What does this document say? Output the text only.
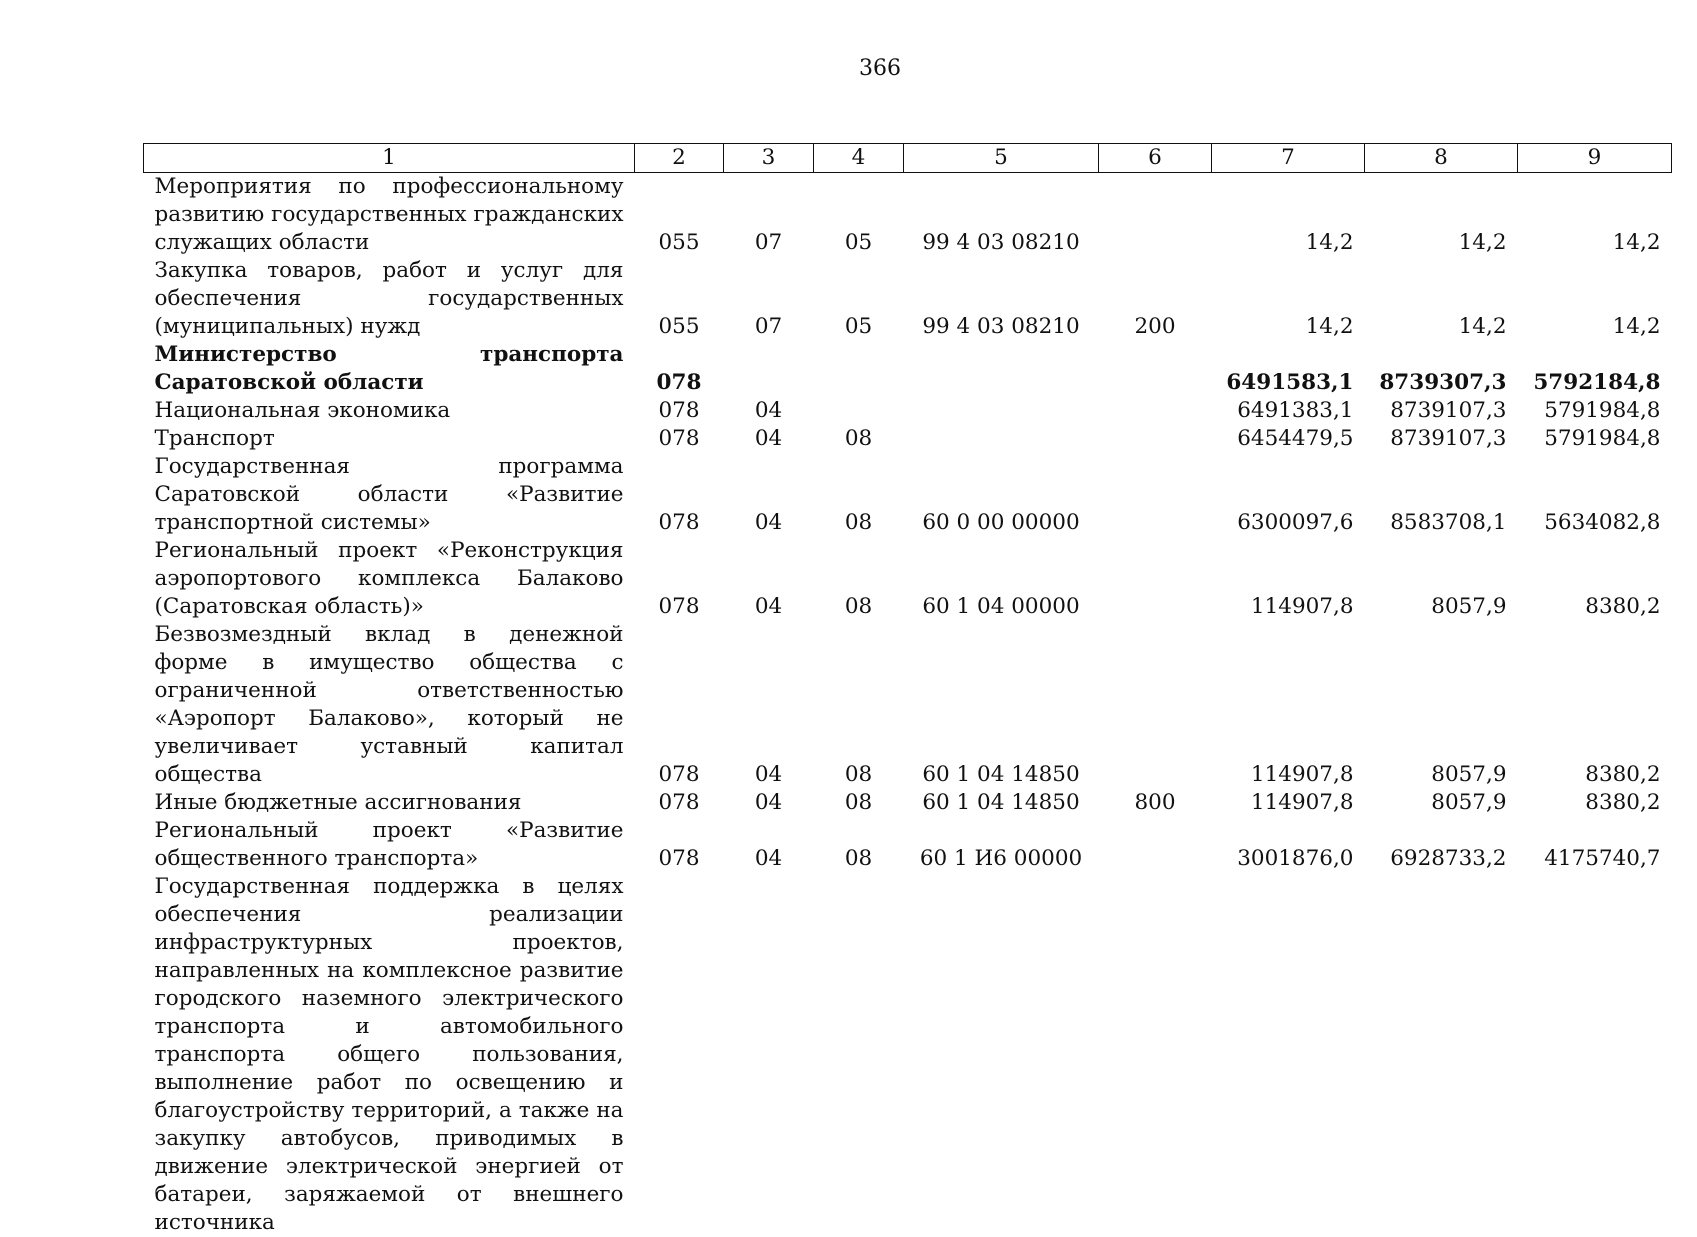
366
1	2	3	4	5	6	7	8	9
Мероприятия по профессиональному развитию государственных гражданских служащих области	055	07	05	99 4 03 08210		14,2	14,2	14,2
Закупка товаров, работ и услуг для обеспечения государственных (муниципальных) нужд	055	07	05	99 4 03 08210	200	14,2	14,2	14,2
Министерство транспорта Саратовской области	078					6491583,1	8739307,3	5792184,8
Национальная экономика	078	04				6491383,1	8739107,3	5791984,8
Транспорт	078	04	08			6454479,5	8739107,3	5791984,8
Государственная программа Саратовской области «Развитие транспортной системы»	078	04	08	60 0 00 00000		6300097,6	8583708,1	5634082,8
Региональный проект «Реконструкция аэропортового комплекса Балаково (Саратовская область)»	078	04	08	60 1 04 00000		114907,8	8057,9	8380,2
Безвозмездный вклад в денежной форме в имущество общества с ограниченной ответственностью «Аэропорт Балаково», который не увеличивает уставный капитал общества	078	04	08	60 1 04 14850		114907,8	8057,9	8380,2
Иные бюджетные ассигнования	078	04	08	60 1 04 14850	800	114907,8	8057,9	8380,2
Региональный проект «Развитие общественного транспорта»	078	04	08	60 1 И6 00000		3001876,0	6928733,2	4175740,7
Государственная поддержка в целях обеспечения реализации инфраструктурных проектов, направленных на комплексное развитие городского наземного электрического транспорта и автомобильного транспорта общего пользования, выполнение работ по освещению и благоустройству территорий, а также на закупку автобусов, приводимых в движение электрической энергией от батареи, заряжаемой от внешнего источника								
